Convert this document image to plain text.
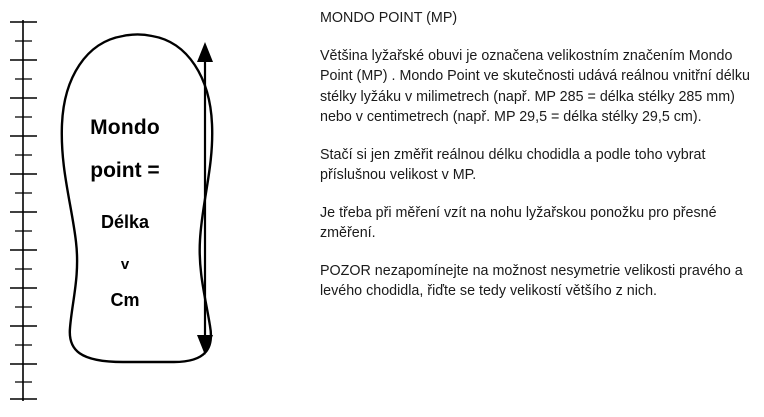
Mondo
point =
Délka
v
Cm

MONDO POINT (MP)

Většina lyžařské obuvi je označena velikostním značením Mondo Point (MP) . Mondo Point ve skutečnosti udává reálnou vnitřní délku stélky lyžáku v milimetrech (např. MP 285 = délka stélky 285 mm) nebo v centimetrech (např. MP 29,5 = délka stélky 29,5 cm).

Stačí si jen změřit reálnou délku chodidla a podle toho vybrat příslušnou velikost v MP.

Je třeba při měření vzít na nohu lyžařskou ponožku pro přesné změření.

POZOR nezapomínejte na možnost nesymetrie velikosti pravého a levého chodidla, řiďte se tedy velikostí většího z nich.
